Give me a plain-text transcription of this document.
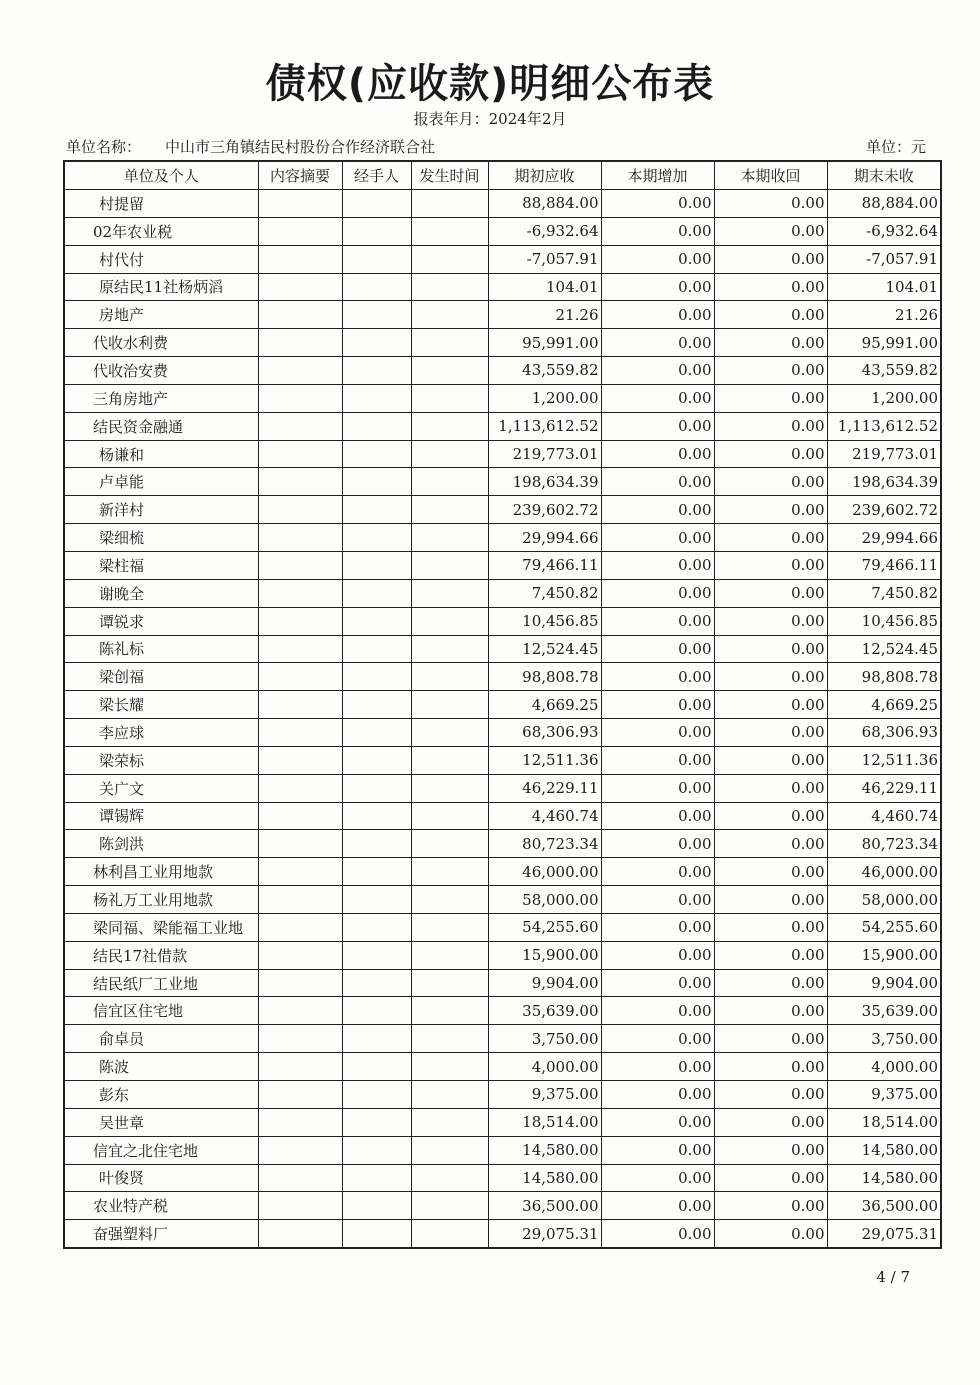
债权(应收款)明细公布表
报表年月：2024年2月
单位名称： 中山市三角镇结民村股份合作经济联合社	单位：元
单位及个人	内容摘要	经手人	发生时间	期初应收	本期增加	本期收回	期末未收
村提留				88,884.00	0.00	0.00	88,884.00
02年农业税				-6,932.64	0.00	0.00	-6,932.64
村代付				-7,057.91	0.00	0.00	-7,057.91
原结民11社杨炳滔				104.01	0.00	0.00	104.01
房地产				21.26	0.00	0.00	21.26
代收水利费				95,991.00	0.00	0.00	95,991.00
代收治安费				43,559.82	0.00	0.00	43,559.82
三角房地产				1,200.00	0.00	0.00	1,200.00
结民资金融通				1,113,612.52	0.00	0.00	1,113,612.52
杨谦和				219,773.01	0.00	0.00	219,773.01
卢卓能				198,634.39	0.00	0.00	198,634.39
新洋村				239,602.72	0.00	0.00	239,602.72
梁细梳				29,994.66	0.00	0.00	29,994.66
梁柱福				79,466.11	0.00	0.00	79,466.11
谢晚全				7,450.82	0.00	0.00	7,450.82
谭锐求				10,456.85	0.00	0.00	10,456.85
陈礼标				12,524.45	0.00	0.00	12,524.45
梁创福				98,808.78	0.00	0.00	98,808.78
梁长耀				4,669.25	0.00	0.00	4,669.25
李应球				68,306.93	0.00	0.00	68,306.93
梁荣标				12,511.36	0.00	0.00	12,511.36
关广文				46,229.11	0.00	0.00	46,229.11
谭锡辉				4,460.74	0.00	0.00	4,460.74
陈剑洪				80,723.34	0.00	0.00	80,723.34
林利昌工业用地款				46,000.00	0.00	0.00	46,000.00
杨礼万工业用地款				58,000.00	0.00	0.00	58,000.00
梁同福、梁能福工业地				54,255.60	0.00	0.00	54,255.60
结民17社借款				15,900.00	0.00	0.00	15,900.00
结民纸厂工业地				9,904.00	0.00	0.00	9,904.00
信宜区住宅地				35,639.00	0.00	0.00	35,639.00
俞卓员				3,750.00	0.00	0.00	3,750.00
陈波				4,000.00	0.00	0.00	4,000.00
彭东				9,375.00	0.00	0.00	9,375.00
吴世章				18,514.00	0.00	0.00	18,514.00
信宜之北住宅地				14,580.00	0.00	0.00	14,580.00
叶俊贤				14,580.00	0.00	0.00	14,580.00
农业特产税				36,500.00	0.00	0.00	36,500.00
奋强塑料厂				29,075.31	0.00	0.00	29,075.31
4 / 7
